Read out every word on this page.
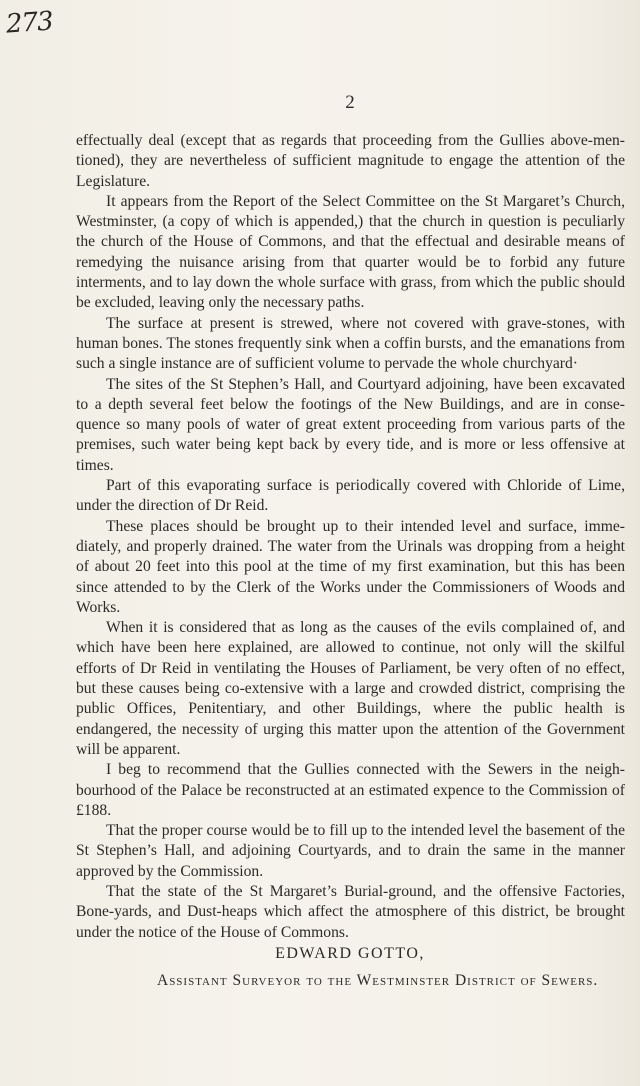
273
2

effectually deal (except that as regards that proceeding from the Gullies above-men-tioned), they are nevertheless of sufficient magnitude to engage the attention of the Legislature.

It appears from the Report of the Select Committee on the St Margaret’s Church, Westminster, (a copy of which is appended,) that the church in question is peculiarly the church of the House of Commons, and that the effectual and desirable means of remedying the nuisance arising from that quarter would be to forbid any future interments, and to lay down the whole surface with grass, from which the public should be excluded, leaving only the necessary paths.

The surface at present is strewed, where not covered with grave-stones, with human bones. The stones frequently sink when a coffin bursts, and the emanations from such a single instance are of sufficient volume to pervade the whole churchyard·

The sites of the St Stephen’s Hall, and Courtyard adjoining, have been excavated to a depth several feet below the footings of the New Buildings, and are in conse-quence so many pools of water of great extent proceeding from various parts of the premises, such water being kept back by every tide, and is more or less offensive at times.

Part of this evaporating surface is periodically covered with Chloride of Lime, under the direction of Dr Reid.

These places should be brought up to their intended level and surface, imme-diately, and properly drained. The water from the Urinals was dropping from a height of about 20 feet into this pool at the time of my first examination, but this has been since attended to by the Clerk of the Works under the Commissioners of Woods and Works.

When it is considered that as long as the causes of the evils complained of, and which have been here explained, are allowed to continue, not only will the skilful efforts of Dr Reid in ventilating the Houses of Parliament, be very often of no effect, but these causes being co-extensive with a large and crowded district, comprising the public Offices, Penitentiary, and other Buildings, where the public health is endangered, the necessity of urging this matter upon the attention of the Government will be apparent.

I beg to recommend that the Gullies connected with the Sewers in the neigh-bourhood of the Palace be reconstructed at an estimated expence to the Commission of £188.

That the proper course would be to fill up to the intended level the basement of the St Stephen’s Hall, and adjoining Courtyards, and to drain the same in the manner approved by the Commission.

That the state of the St Margaret’s Burial-ground, and the offensive Factories, Bone-yards, and Dust-heaps which affect the atmosphere of this district, be brought under the notice of the House of Commons.

EDWARD GOTTO,
Assistant Surveyor to the Westminster District of Sewers.
